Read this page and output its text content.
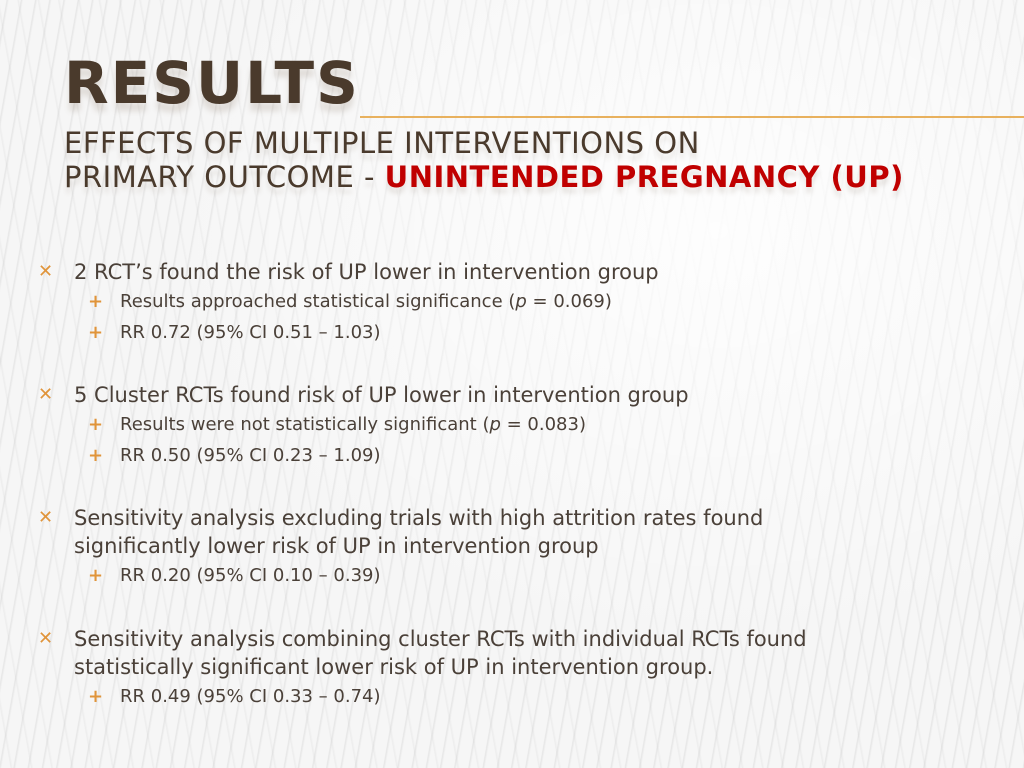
RESULTS
EFFECTS OF MULTIPLE INTERVENTIONS ON
PRIMARY OUTCOME - UNINTENDED PREGNANCY (UP)

✕ 2 RCT’s found the risk of UP lower in intervention group

+ Results approached statistical significance (p = 0.069)

+ RR 0.72 (95% CI 0.51 – 1.03)

✕ 5 Cluster RCTs found risk of UP lower in intervention group

+ Results were not statistically significant (p = 0.083)

+ RR 0.50 (95% CI 0.23 – 1.09)

✕ Sensitivity analysis excluding trials with high attrition rates found
significantly lower risk of UP in intervention group

+ RR 0.20 (95% CI 0.10 – 0.39)

✕ Sensitivity analysis combining cluster RCTs with individual RCTs found
statistically significant lower risk of UP in intervention group.

+ RR 0.49 (95% CI 0.33 – 0.74)
